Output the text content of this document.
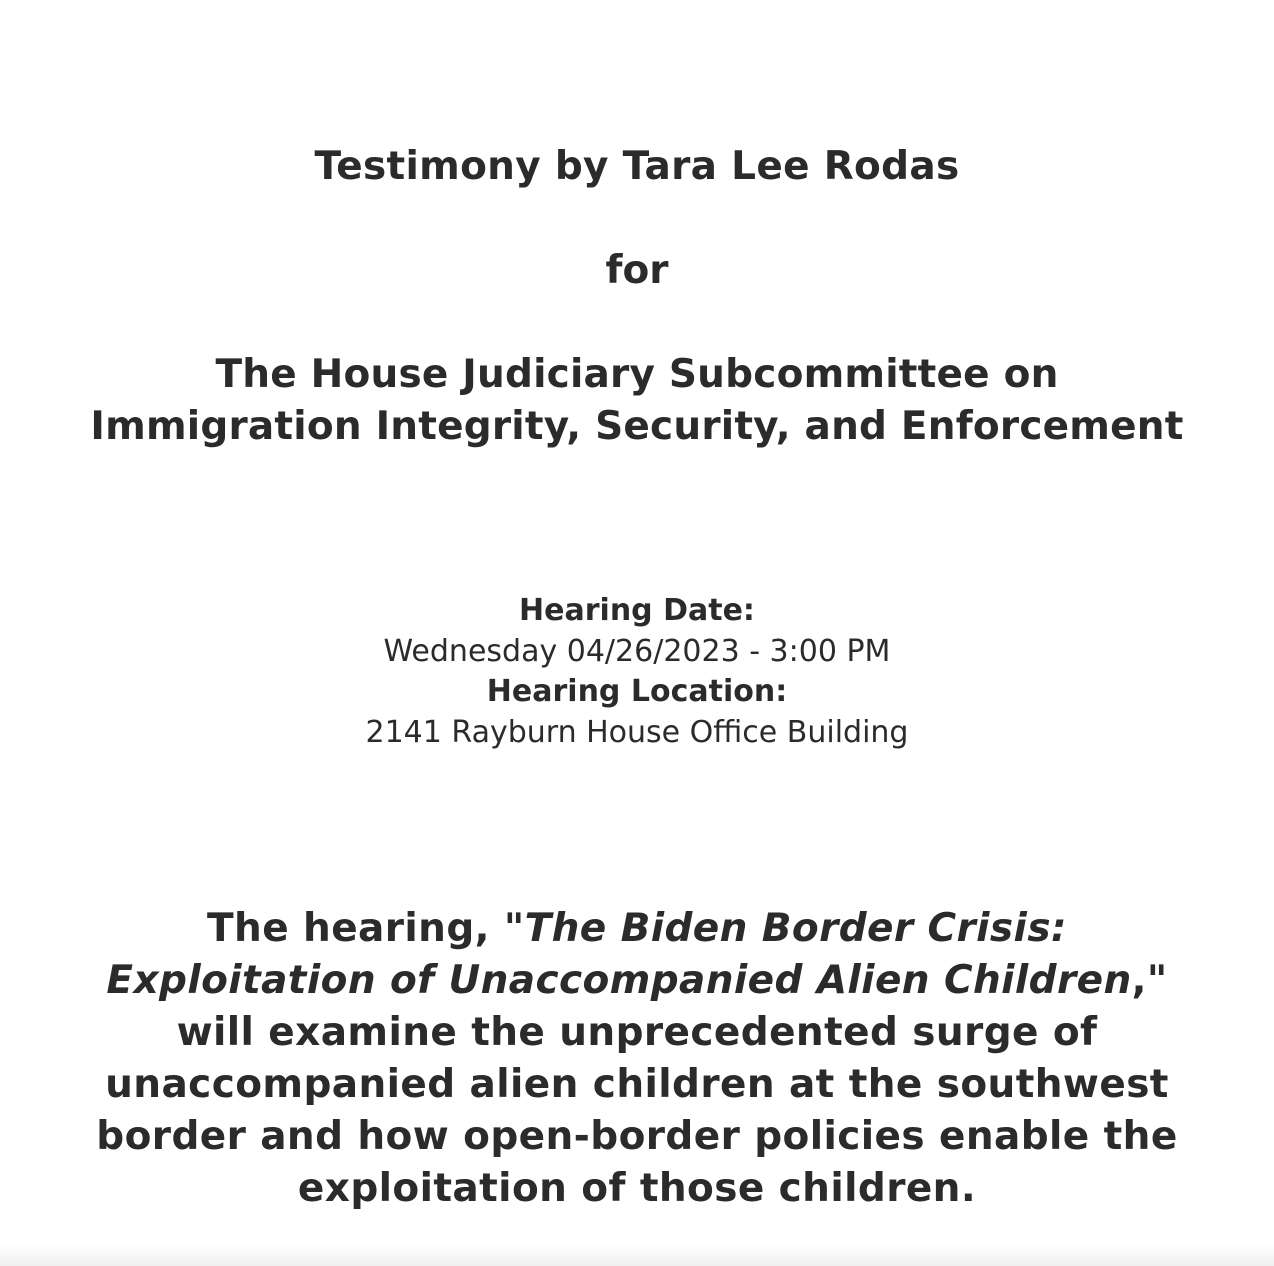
Testimony by Tara Lee Rodas
for
The House Judiciary Subcommittee on
Immigration Integrity, Security, and Enforcement
Hearing Date:
Wednesday 04/26/2023 - 3:00 PM
Hearing Location:
2141 Rayburn House Office Building
The hearing, "The Biden Border Crisis:
Exploitation of Unaccompanied Alien Children,"
will examine the unprecedented surge of
unaccompanied alien children at the southwest
border and how open-border policies enable the
exploitation of those children.
